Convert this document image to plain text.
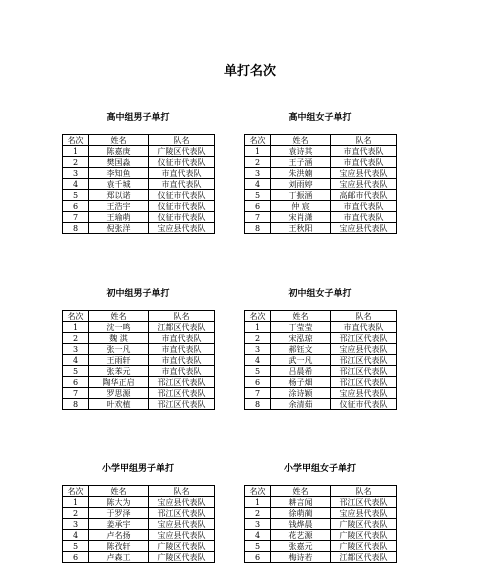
单打名次
高中组男子单打
名次	姓名	队名
1	陈嘉庚	广陵区代表队
2	樊国淼	仪征市代表队
3	李知鱼	市直代表队
4	袁千城	市直代表队
5	郑以诺	仪征市代表队
6	王浩宇	仪征市代表队
7	王瑜萌	仪征市代表队
8	倪张洋	宝应县代表队
高中组女子单打
名次	姓名	队名
1	袁诗其	市直代表队
2	王子涵	市直代表队
3	朱洪婻	宝应县代表队
4	刘雨婷	宝应县代表队
5	丁振涵	高邮市代表队
6	仲 宸	市直代表队
7	宋肖潇	市直代表队
8	王秋阳	宝应县代表队
初中组男子单打
名次	姓名	队名
1	沈一鸣	江都区代表队
2	魏 淇	市直代表队
3	张一凡	市直代表队
4	王雨轩	市直代表队
5	张苯元	市直代表队
6	陶华正启	邗江区代表队
7	罗思源	邗江区代表队
8	叶欢植	邗江区代表队
初中组女子单打
名次	姓名	队名
1	丁莹莹	市直代表队
2	宋泓琼	邗江区代表队
3	郝钰文	宝应县代表队
4	武一凡	邗江区代表队
5	吕晨希	邗江区代表队
6	杨子畑	邗江区代表队
7	涂诗颖	宝应县代表队
8	余清茹	仪征市代表队
小学甲组男子单打
名次	姓名	队名
1	陈大为	宝应县代表队
2	于罗泽	邗江区代表队
3	姜承宇	宝应县代表队
4	卢名扬	宝应县代表队
5	陈孜轩	广陵区代表队
6	卢森工	广陵区代表队
小学甲组女子单打
名次	姓名	队名
1	耕言闻	邗江区代表队
2	徐萌蔺	宝应县代表队
3	钱烨晨	广陵区代表队
4	花艺源	广陵区代表队
5	张嘉元	广陵区代表队
6	梅诗若	江都区代表队
